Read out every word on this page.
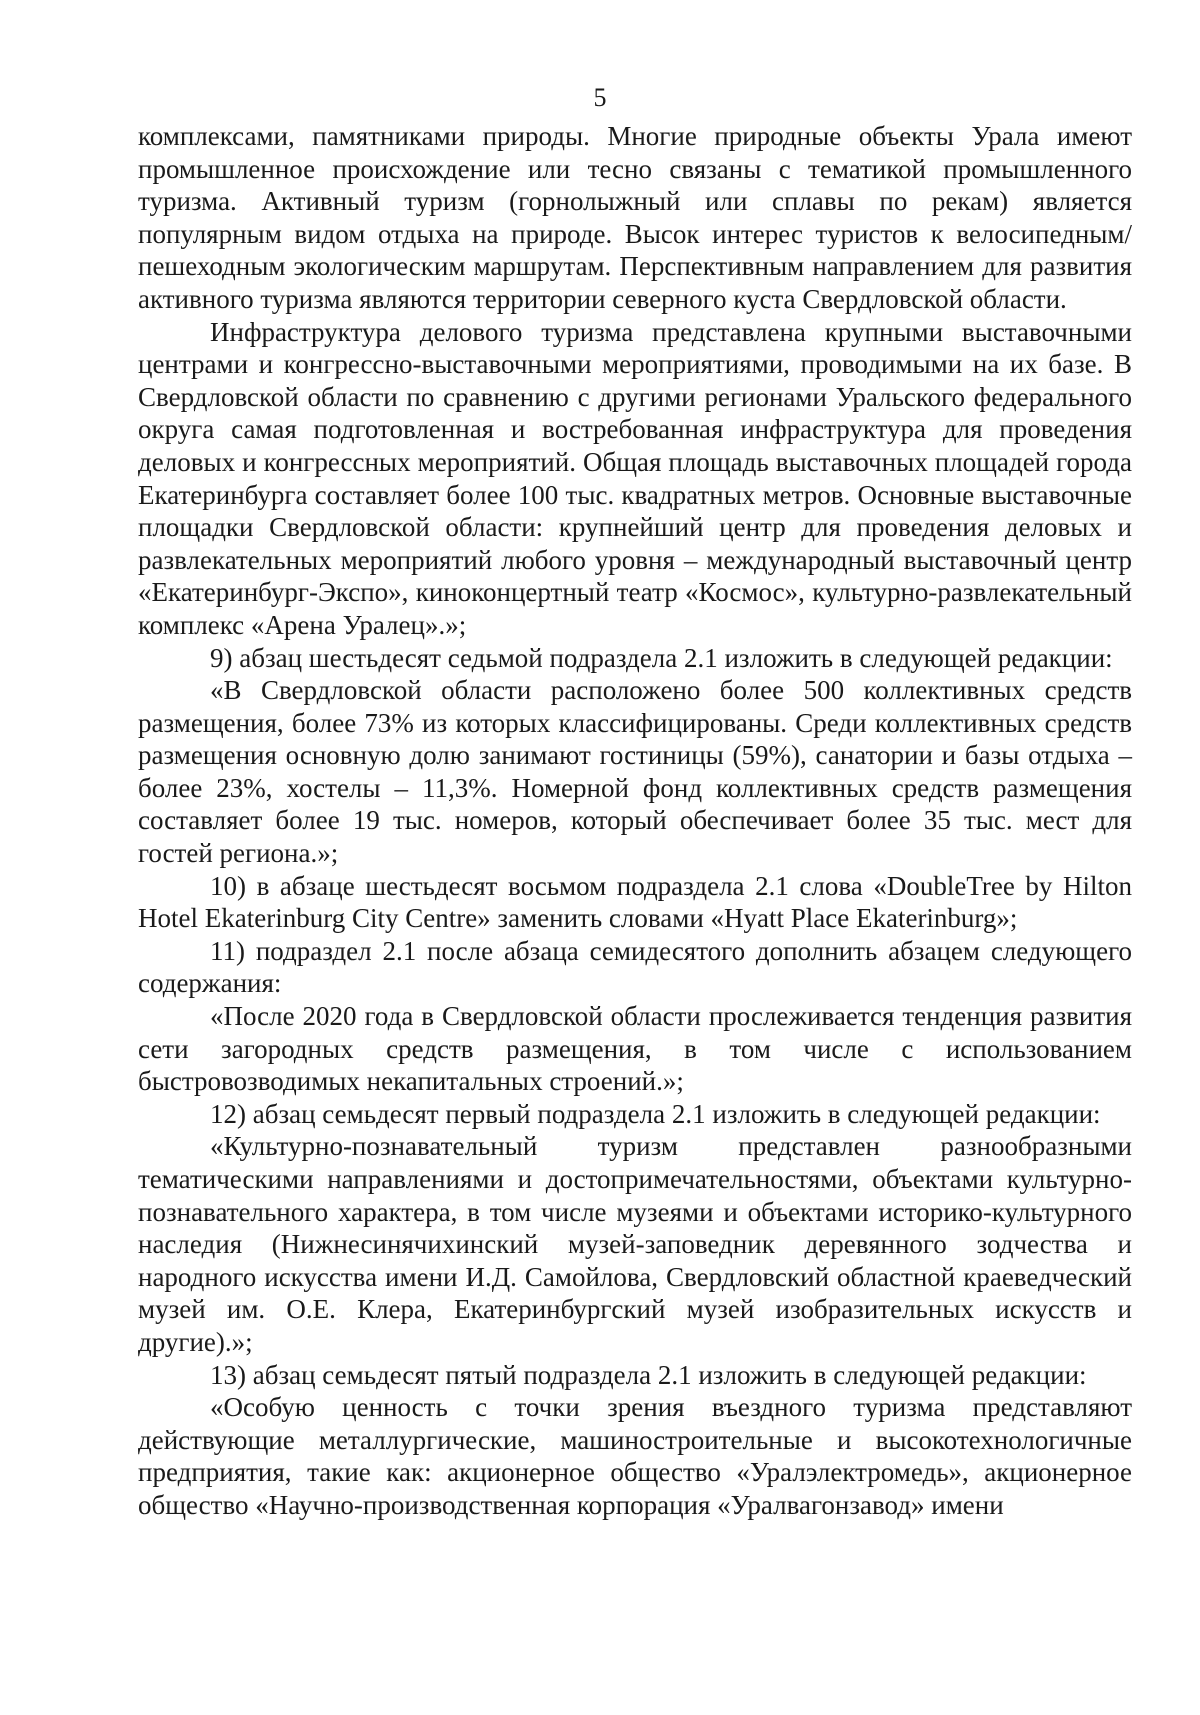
5

комплексами, памятниками природы. Многие природные объекты Урала имеют промышленное происхождение или тесно связаны с тематикой промышленного туризма. Активный туризм (горнолыжный или сплавы по рекам) является популярным видом отдыха на природе. Высок интерес туристов к велосипедным/пешеходным экологическим маршрутам. Перспективным направлением для развития активного туризма являются территории северного куста Свердловской области.

Инфраструктура делового туризма представлена крупными выставочными центрами и конгрессно-выставочными мероприятиями, проводимыми на их базе. В Свердловской области по сравнению с другими регионами Уральского федерального округа самая подготовленная и востребованная инфраструктура для проведения деловых и конгрессных мероприятий. Общая площадь выставочных площадей города Екатеринбурга составляет более 100 тыс. квадратных метров. Основные выставочные площадки Свердловской области: крупнейший центр для проведения деловых и развлекательных мероприятий любого уровня – международный выставочный центр «Екатеринбург-Экспо», киноконцертный театр «Космос», культурно-развлекательный комплекс «Арена Уралец».»;

9) абзац шестьдесят седьмой подраздела 2.1 изложить в следующей редакции:

«В Свердловской области расположено более 500 коллективных средств размещения, более 73% из которых классифицированы. Среди коллективных средств размещения основную долю занимают гостиницы (59%), санатории и базы отдыха – более 23%, хостелы – 11,3%. Номерной фонд коллективных средств размещения составляет более 19 тыс. номеров, который обеспечивает более 35 тыс. мест для гостей региона.»;

10) в абзаце шестьдесят восьмом подраздела 2.1 слова «DoubleTree by Hilton Hotel Ekaterinburg City Centre» заменить словами «Hyatt Place Ekaterinburg»;

11) подраздел 2.1 после абзаца семидесятого дополнить абзацем следующего содержания:

«После 2020 года в Свердловской области прослеживается тенденция развития сети загородных средств размещения, в том числе с использованием быстровозводимых некапитальных строений.»;

12) абзац семьдесят первый подраздела 2.1 изложить в следующей редакции:

«Культурно-познавательный туризм представлен разнообразными тематическими направлениями и достопримечательностями, объектами культурно-познавательного характера, в том числе музеями и объектами историко-культурного наследия (Нижнесинячихинский музей-заповедник деревянного зодчества и народного искусства имени И.Д. Самойлова, Свердловский областной краеведческий музей им. О.Е. Клера, Екатеринбургский музей изобразительных искусств и другие).»;

13) абзац семьдесят пятый подраздела 2.1 изложить в следующей редакции:

«Особую ценность с точки зрения въездного туризма представляют действующие металлургические, машиностроительные и высокотехнологичные предприятия, такие как: акционерное общество «Уралэлектромедь», акционерное общество «Научно-производственная корпорация «Уралвагонзавод» имени
